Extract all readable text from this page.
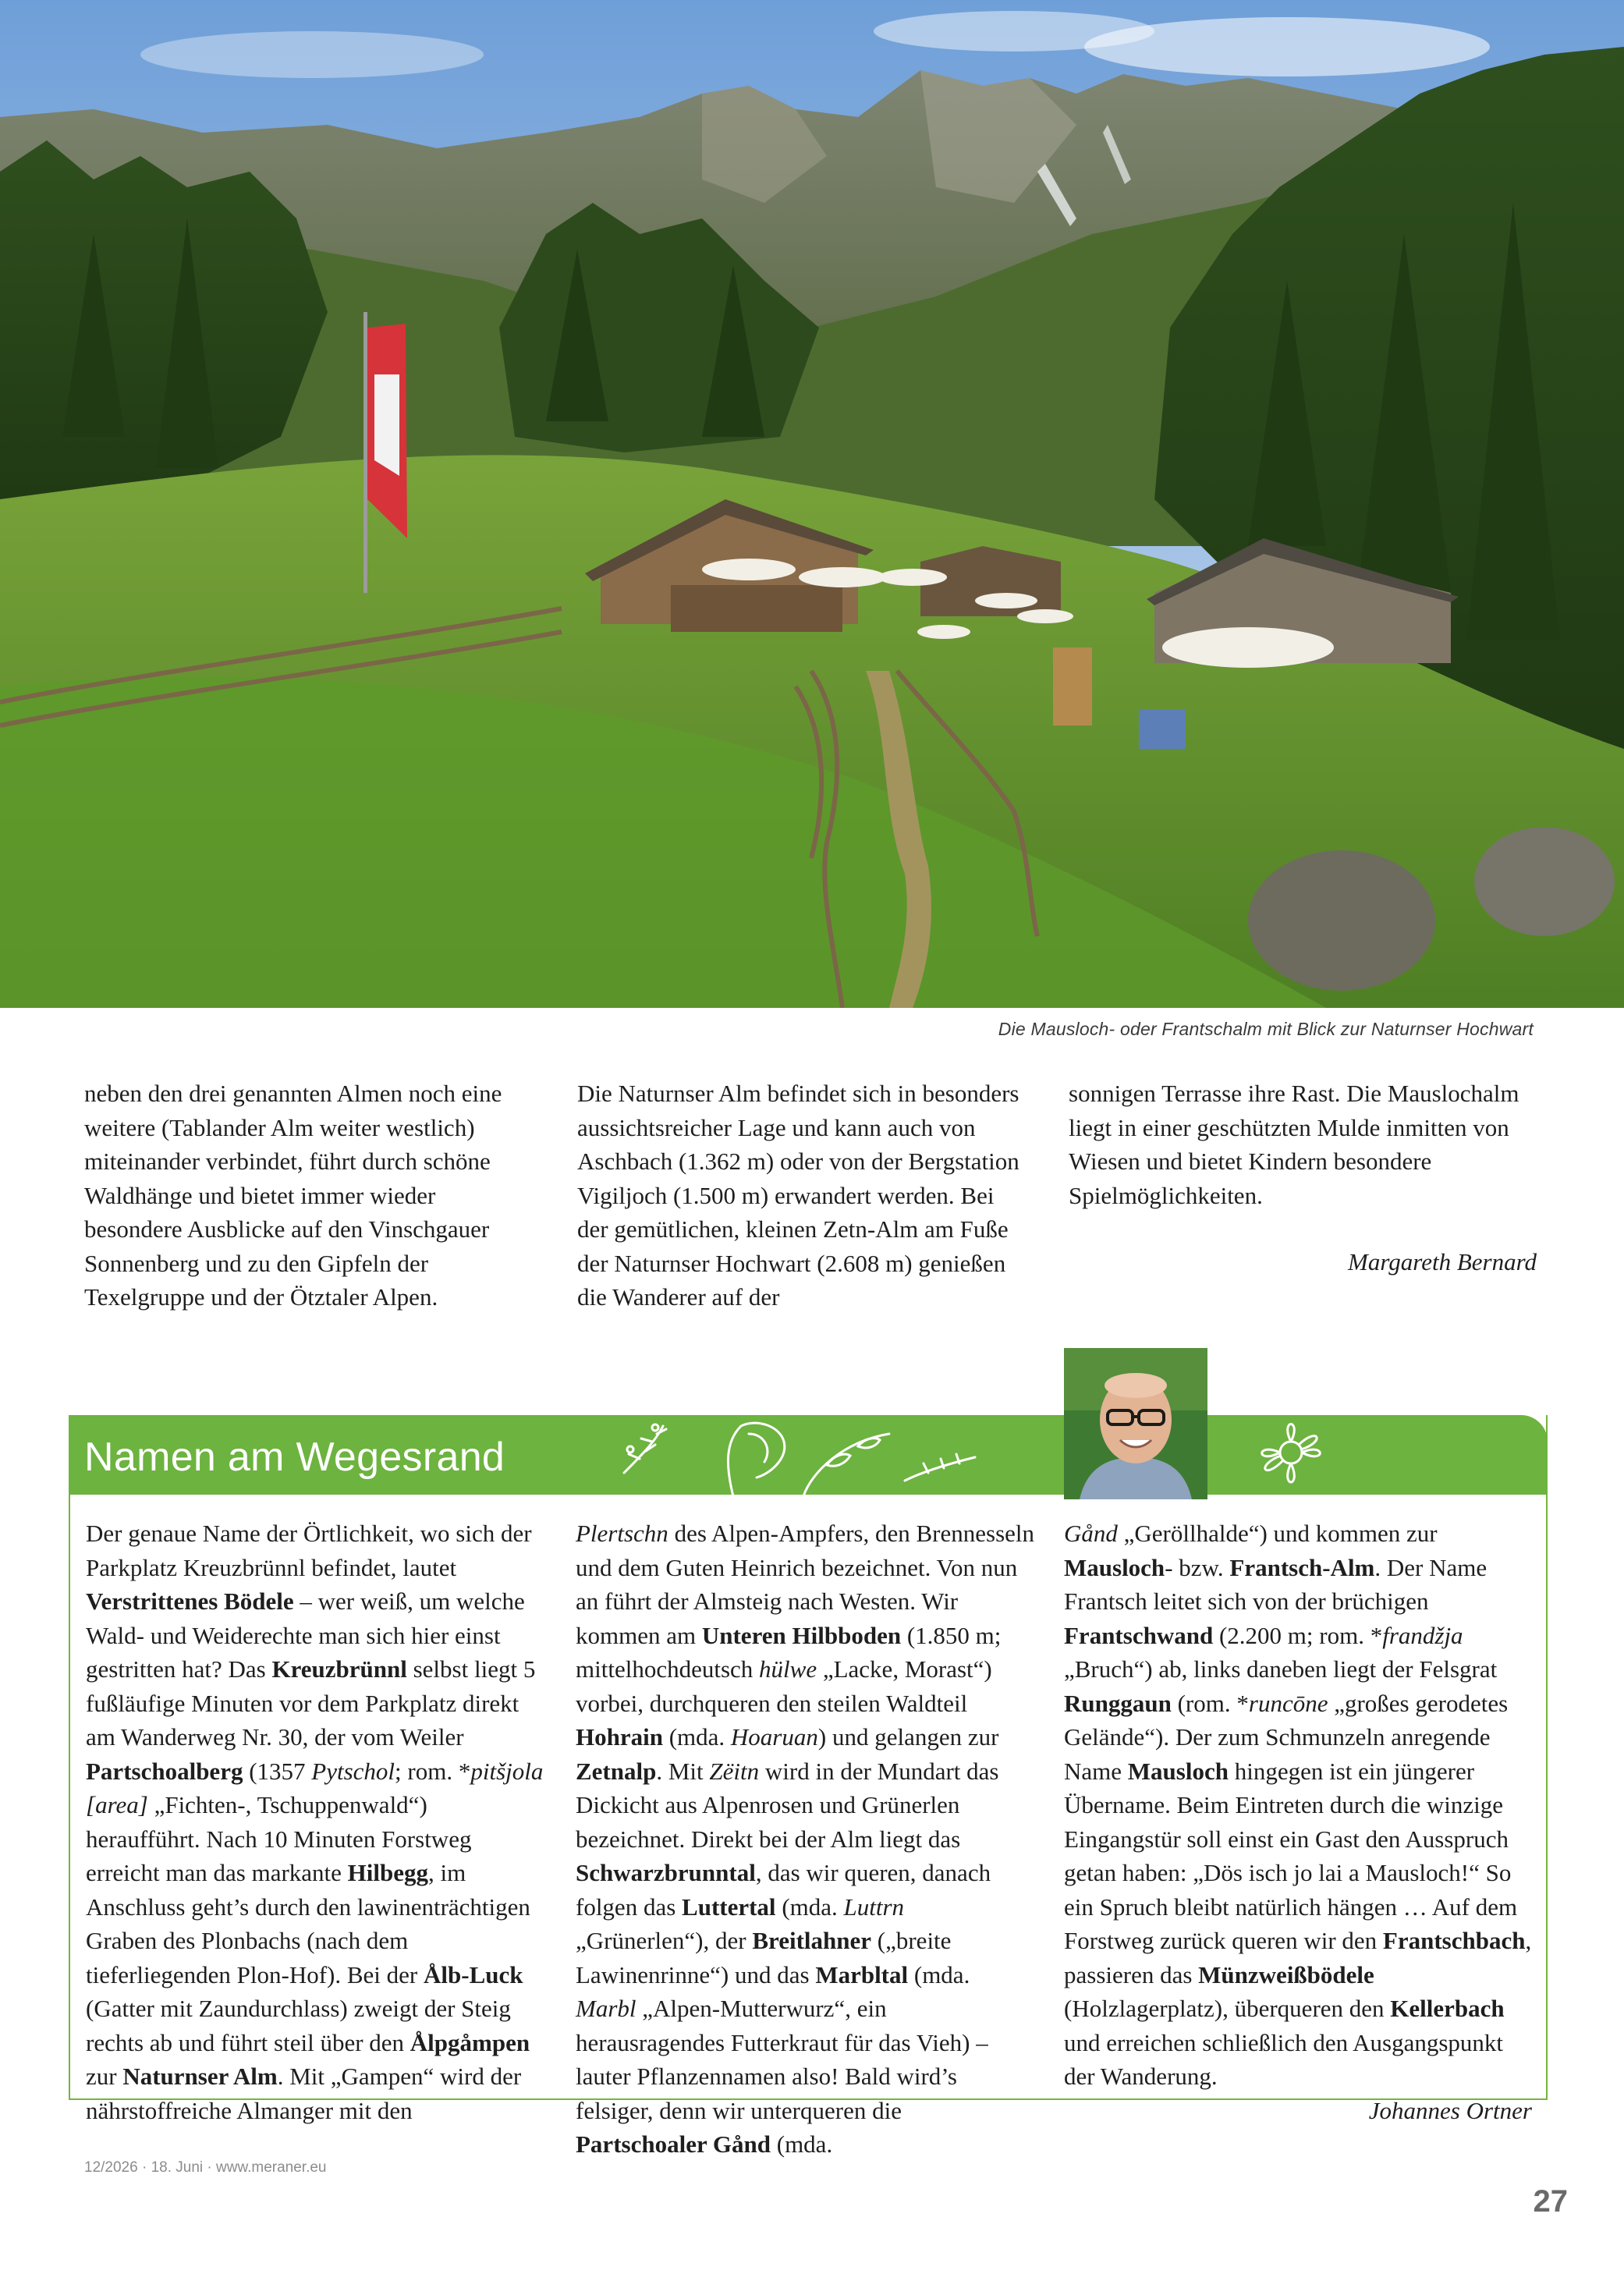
Die Mausloch- oder Frantschalm mit Blick zur Naturnser Hochwart

neben den drei genannten Almen noch eine weitere (Tablander Alm weiter westlich) miteinander verbindet, führt durch schöne Waldhänge und bietet immer wieder besondere Ausblicke auf den Vinschgauer Sonnenberg und zu den Gipfeln der Texelgruppe und der Ötztaler Alpen.

Die Naturnser Alm befindet sich in besonders aussichtsreicher Lage und kann auch von Aschbach (1.362 m) oder von der Bergstation Vigiljoch (1.500 m) erwandert werden. Bei der gemütlichen, kleinen Zetn-Alm am Fuße der Naturnser Hochwart (2.608 m) genießen die Wanderer auf der

sonnigen Terrasse ihre Rast. Die Mauslochalm liegt in einer geschützten Mulde inmitten von Wiesen und bietet Kindern besondere Spielmöglichkeiten.

Margareth Bernard

Namen am Wegesrand

Der genaue Name der Örtlichkeit, wo sich der Parkplatz Kreuzbrünnl befindet, lautet Verstrittenes Bödele – wer weiß, um welche Wald- und Weiderechte man sich hier einst gestritten hat? Das Kreuzbrünnl selbst liegt 5 fußläufige Minuten vor dem Parkplatz direkt am Wanderweg Nr. 30, der vom Weiler Partschoalberg (1357 Pytschol; rom. *pitšjola [area] „Fichten-, Tschuppenwald“) heraufführt. Nach 10 Minuten Forstweg erreicht man das markante Hilbegg, im Anschluss geht’s durch den lawinenträchtigen Graben des Plonbachs (nach dem tieferliegenden Plon-Hof). Bei der Ålb-Luck (Gatter mit Zaundurchlass) zweigt der Steig rechts ab und führt steil über den Ålpgåmpen zur Naturnser Alm. Mit „Gampen“ wird der nährstoffreiche Almanger mit den

Plertschn des Alpen-Ampfers, den Brennesseln und dem Guten Heinrich bezeichnet. Von nun an führt der Almsteig nach Westen. Wir kommen am Unteren Hilbboden (1.850 m; mittelhochdeutsch hülwe „Lacke, Morast“) vorbei, durchqueren den steilen Waldteil Hohrain (mda. Hoaruan) und gelangen zur Zetnalp. Mit Zëitn wird in der Mundart das Dickicht aus Alpenrosen und Grünerlen bezeichnet. Direkt bei der Alm liegt das Schwarzbrunntal, das wir queren, danach folgen das Luttertal (mda. Luttrn „Grünerlen“), der Breitlahner („breite Lawinenrinne“) und das Marbltal (mda. Marbl „Alpen-Mutterwurz“, ein herausragendes Futterkraut für das Vieh) – lauter Pflanzennamen also! Bald wird’s felsiger, denn wir unterqueren die Partschoaler Gånd (mda.

Gånd „Geröllhalde“) und kommen zur Mausloch- bzw. Frantsch-Alm. Der Name Frantsch leitet sich von der brüchigen Frantschwand (2.200 m; rom. *frandžja „Bruch“) ab, links daneben liegt der Felsgrat Runggaun (rom. *runcōne „großes gerodetes Gelände“). Der zum Schmunzeln anregende Name Mausloch hingegen ist ein jüngerer Übername. Beim Eintreten durch die winzige Eingangstür soll einst ein Gast den Ausspruch getan haben: „Dös isch jo lai a Mausloch!“ So ein Spruch bleibt natürlich hängen … Auf dem Forstweg zurück queren wir den Frantschbach, passieren das Münzweißbödele (Holzlagerplatz), überqueren den Kellerbach und erreichen schließlich den Ausgangspunkt der Wanderung.

Johannes Ortner

12/2026 · 18. Juni · www.meraner.eu
27
